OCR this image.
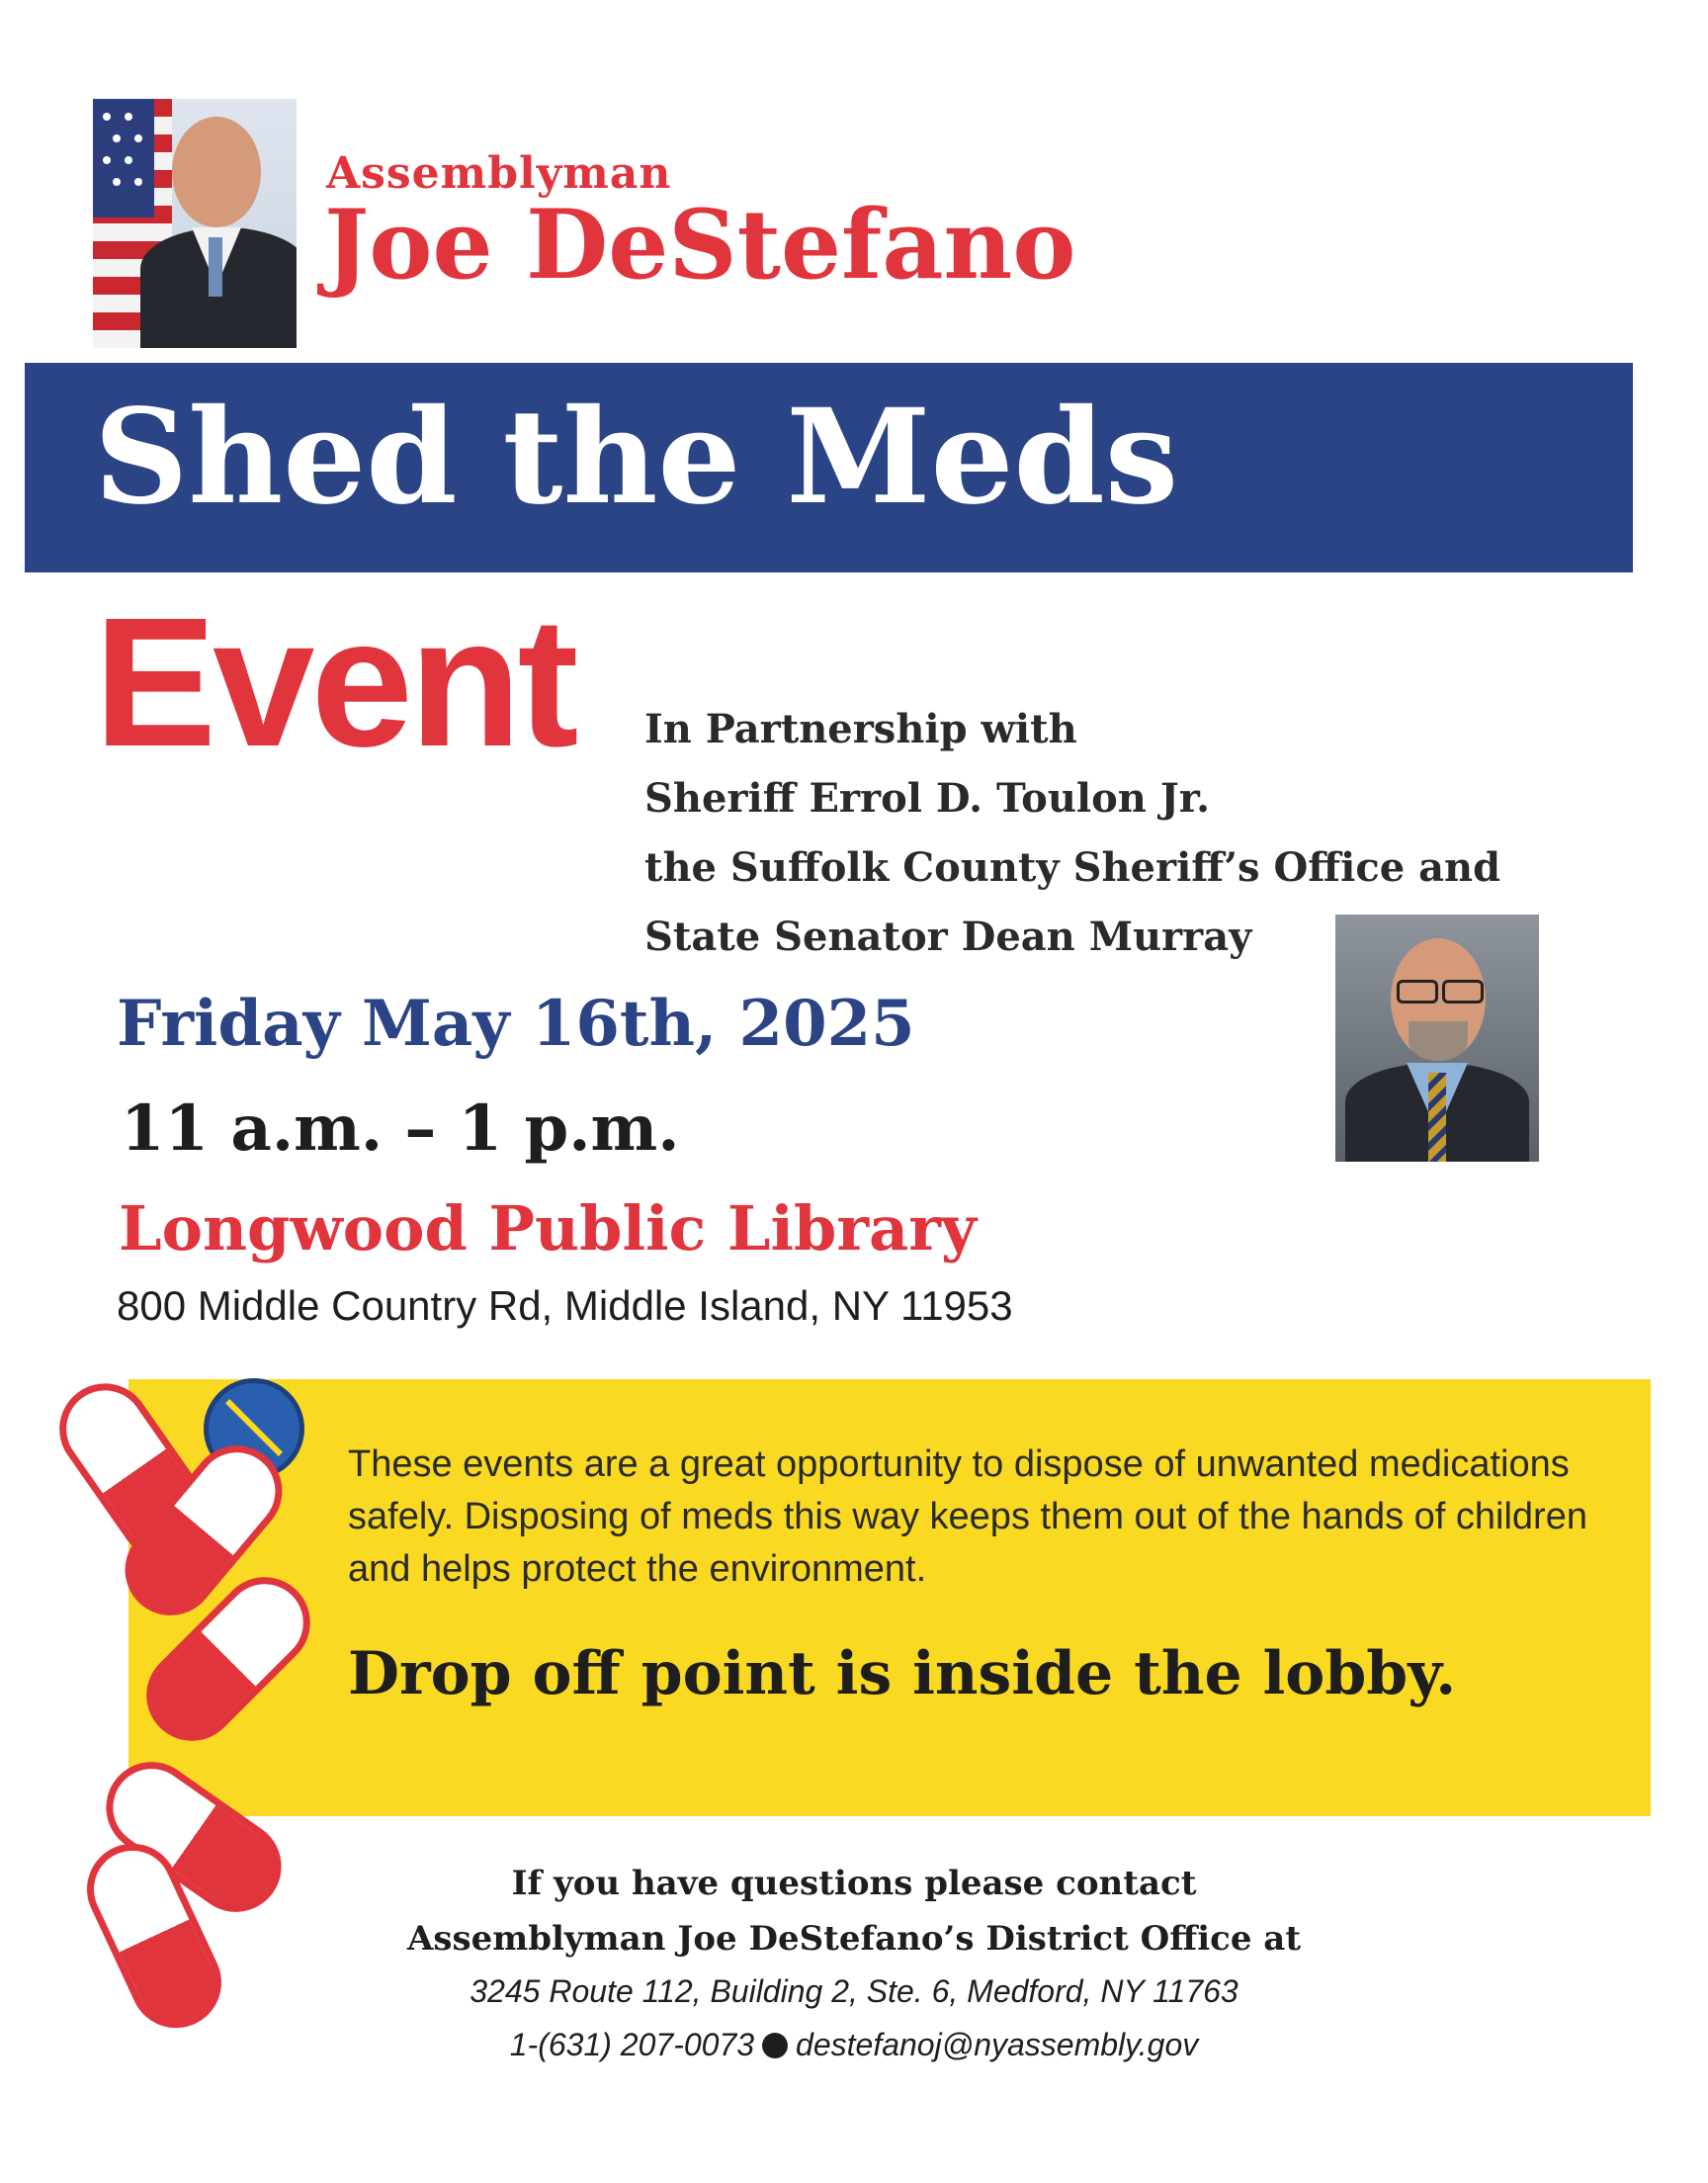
Assemblyman
Joe DeStefano
Shed the Meds
Event In Partnership with
Sheriff Errol D. Toulon Jr.
the Suffolk County Sheriff’s Office and
State Senator Dean Murray
Friday May 16th, 2025
11 a.m. – 1 p.m.
Longwood Public Library
800 Middle Country Rd, Middle Island, NY 11953
These events are a great opportunity to dispose of unwanted medications safely. Disposing of meds this way keeps them out of the hands of children and helps protect the environment.
Drop off point is inside the lobby.
If you have questions please contact
Assemblyman Joe DeStefano’s District Office at
3245 Route 112, Building 2, Ste. 6, Medford, NY 11763
1-(631) 207-0073 destefanoj@nyassembly.gov
